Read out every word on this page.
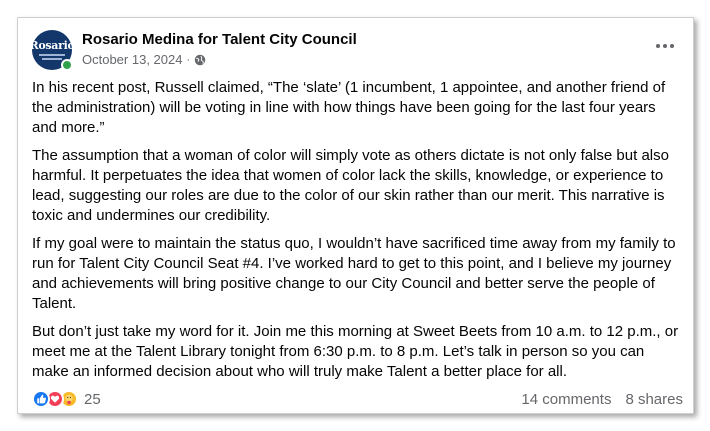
Rosario Rosario Medina for Talent City Council
October 13, 2024 ·

In his recent post, Russell claimed, “The ‘slate’ (1 incumbent, 1 appointee, and another friend of the administration) will be voting in line with how things have been going for the last four years and more.”

The assumption that a woman of color will simply vote as others dictate is not only false but also harmful. It perpetuates the idea that women of color lack the skills, knowledge, or experience to lead, suggesting our roles are due to the color of our skin rather than our merit. This narrative is toxic and undermines our credibility.

If my goal were to maintain the status quo, I wouldn’t have sacrificed time away from my family to run for Talent City Council Seat #4. I’ve worked hard to get to this point, and I believe my journey and achievements will bring positive change to our City Council and better serve the people of Talent.

But don’t just take my word for it. Join me this morning at Sweet Beets from 10 a.m. to 12 p.m., or meet me at the Talent Library tonight from 6:30 p.m. to 8 p.m. Let’s talk in person so you can make an informed decision about who will truly make Talent a better place for all.

25	14 comments 8 shares
